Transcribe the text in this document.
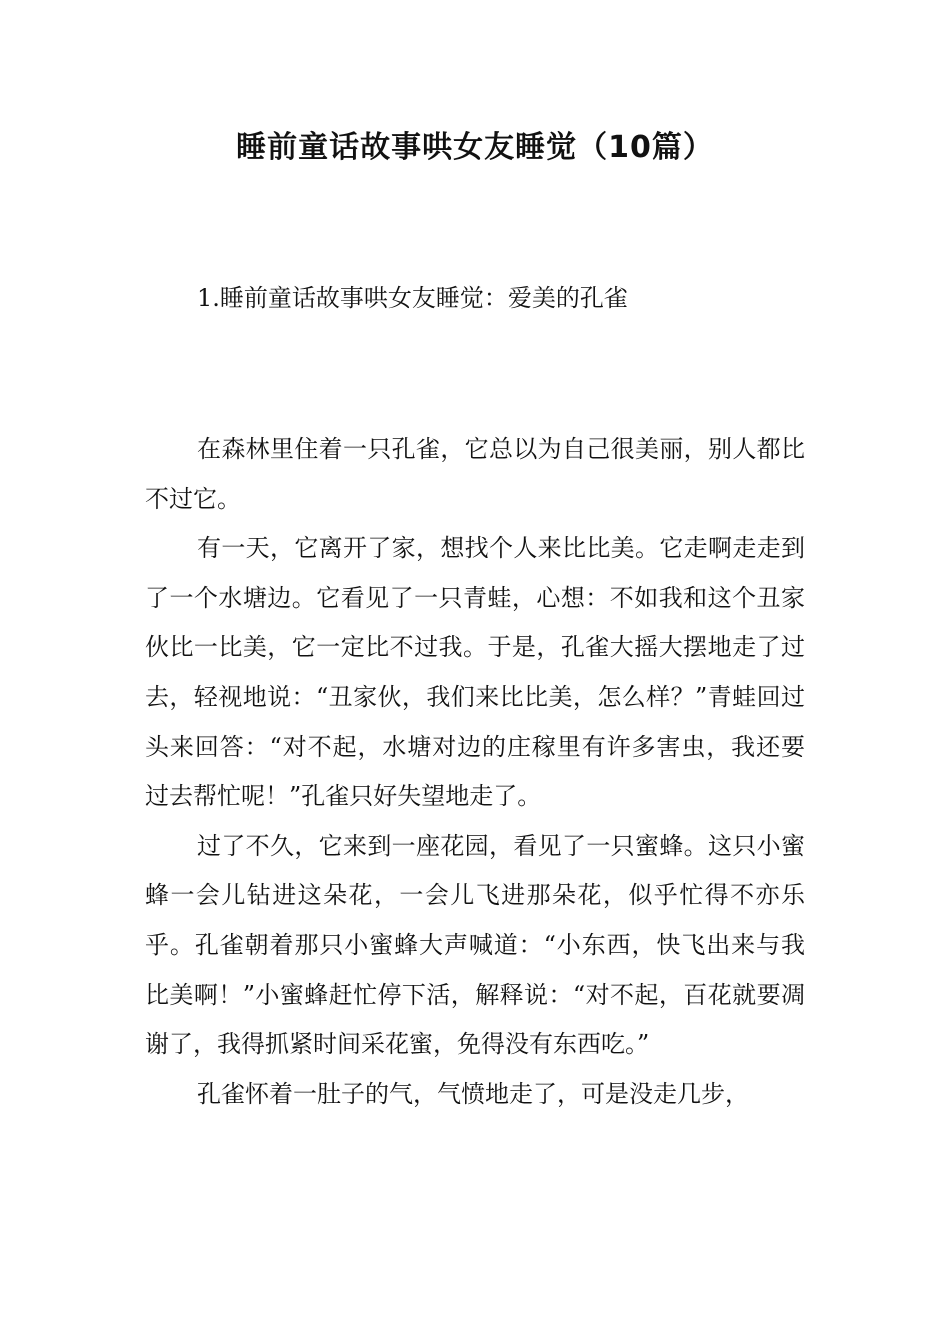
睡前童话故事哄女友睡觉（10篇）
1.睡前童话故事哄女友睡觉：爱美的孔雀

在森林里住着一只孔雀，它总以为自己很美丽，别人都比不过它。

有一天，它离开了家，想找个人来比比美。它走啊走走到了一个水塘边。它看见了一只青蛙，心想：不如我和这个丑家伙比一比美，它一定比不过我。于是，孔雀大摇大摆地走了过去，轻视地说：“丑家伙，我们来比比美，怎么样？”青蛙回过头来回答：“对不起，水塘对边的庄稼里有许多害虫，我还要过去帮忙呢！”孔雀只好失望地走了。

过了不久，它来到一座花园，看见了一只蜜蜂。这只小蜜蜂一会儿钻进这朵花，一会儿飞进那朵花，似乎忙得不亦乐乎。孔雀朝着那只小蜜蜂大声喊道：“小东西，快飞出来与我比美啊！”小蜜蜂赶忙停下活，解释说：“对不起，百花就要凋谢了，我得抓紧时间采花蜜，免得没有东西吃。”

孔雀怀着一肚子的气，气愤地走了，可是没走几步，
